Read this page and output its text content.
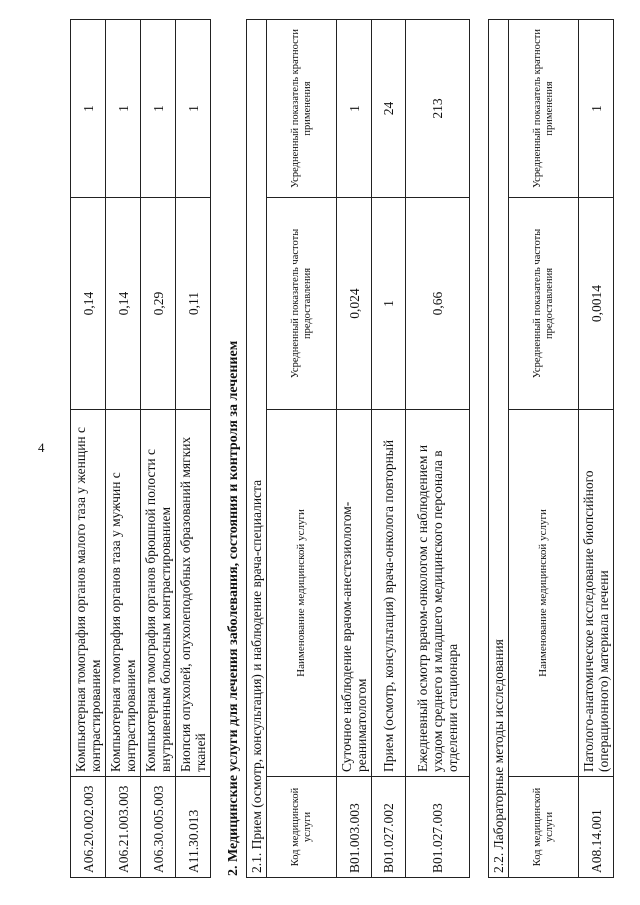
4
A06.20.002.003	Компьютерная томография органов малого таза у женщин с контрастированием	0,14	1
A06.21.003.003	Компьютерная томография органов таза у мужчин с контрастированием	0,14	1
A06.30.005.003	Компьютерная томография органов брюшной полости с внутривенным болюсным контрастированием	0,29	1
A11.30.013	Биопсия опухолей, опухолеподобных образований мягких тканей	0,11	1
2. Медицинские услуги для лечения заболевания, состояния и контроля за лечением 2.1. Прием (осмотр, консультация) и наблюдение врача-специалиста			
Код медицинской услуги	Наименование медицинской услуги	Усредненный показатель частоты предоставления	Усредненный показатель кратности применения
B01.003.003	Суточное наблюдение врачом-анестезиологом-реаниматологом	0,024	1
B01.027.002	Прием (осмотр, консультация) врача-онколога повторный	1	24
B01.027.003	Ежедневный осмотр врачом-онкологом с наблюдением и уходом среднего и младшего медицинского персонала в отделении стационара	0,66	213
2.2. Лабораторные методы исследования			
Код медицинской услуги	Наименование медицинской услуги	Усредненный показатель частоты предоставления	Усредненный показатель кратности применения
A08.14.001	Патолого-анатомическое исследование биопсийного (операционного) материала печени	0,0014	1
